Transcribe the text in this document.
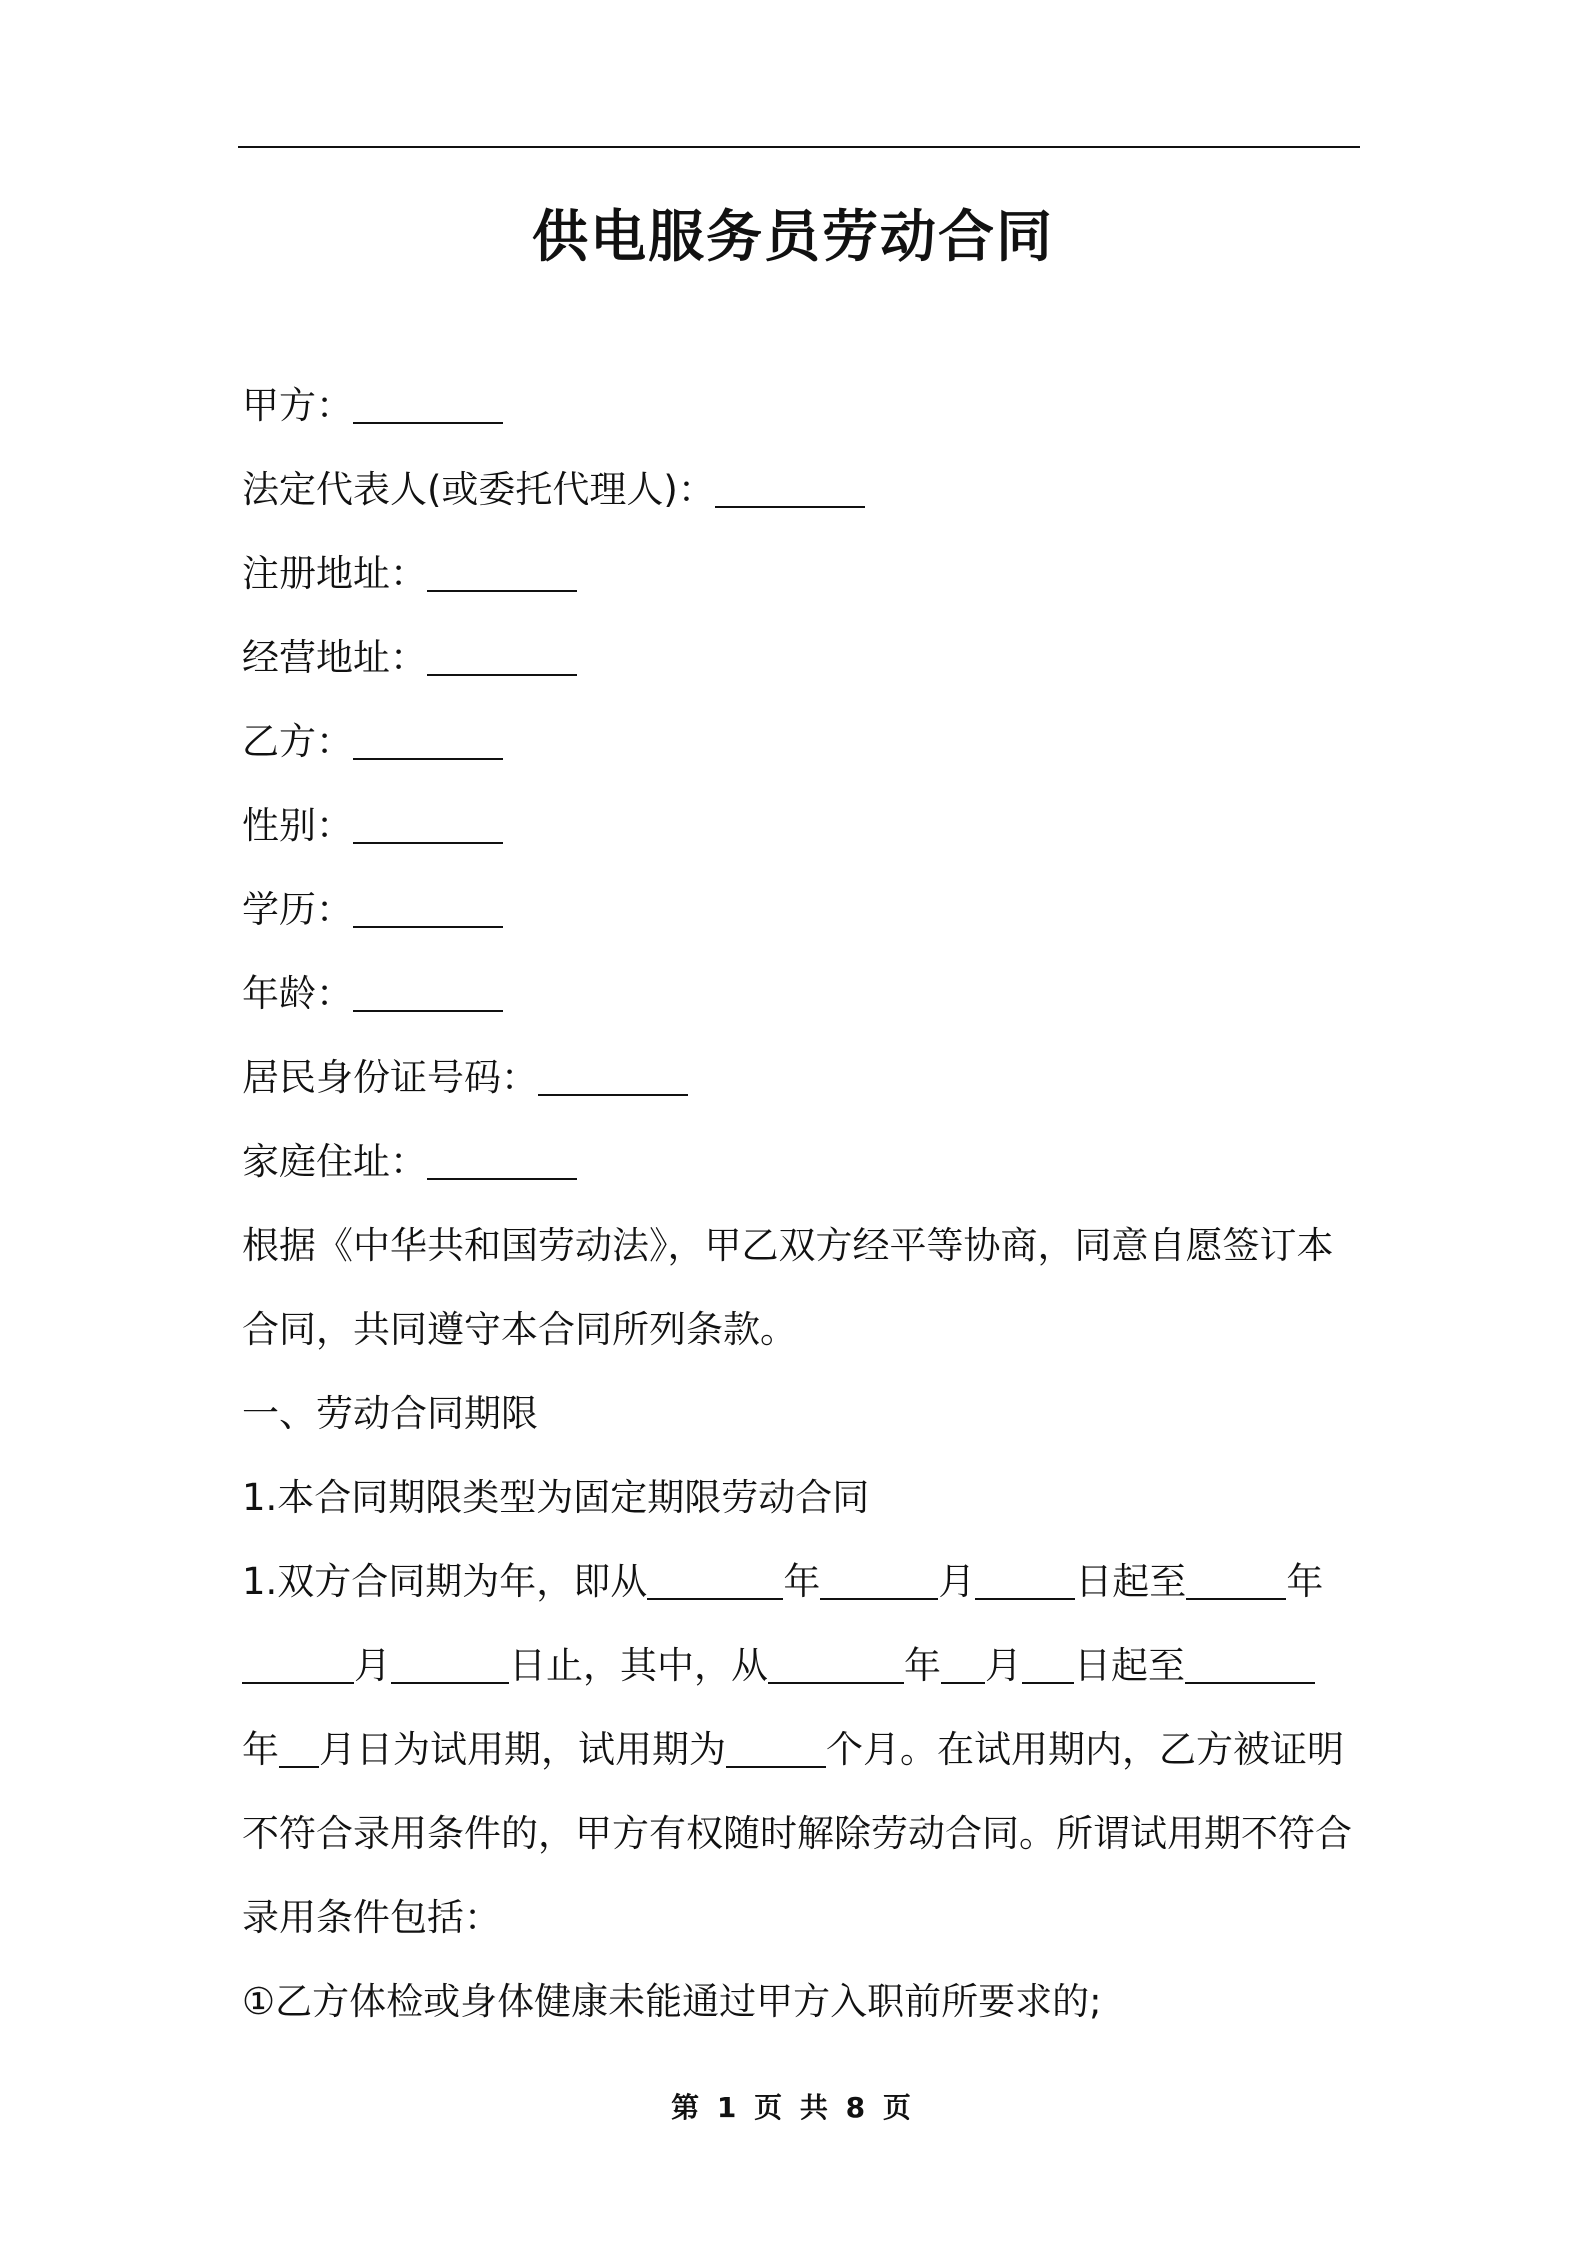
供电服务员劳动合同
甲方：
法定代表人(或委托代理人)：
注册地址：
经营地址：
乙方：
性别：
学历：
年龄：
居民身份证号码：
家庭住址：
根据《中华共和国劳动法》，甲乙双方经平等协商，同意自愿签订本
合同，共同遵守本合同所列条款。
一、劳动合同期限
1.本合同期限类型为固定期限劳动合同
1.双方合同期为年，即从	年	月	日起至	年
月	日止，其中，从	年 月 日起至
年 月日为试用期，试用期为	个月。在试用期内，乙方被证明
不符合录用条件的，甲方有权随时解除劳动合同。所谓试用期不符合
录用条件包括：
①乙方体检或身体健康未能通过甲方入职前所要求的;
第 1 页 共 8 页
